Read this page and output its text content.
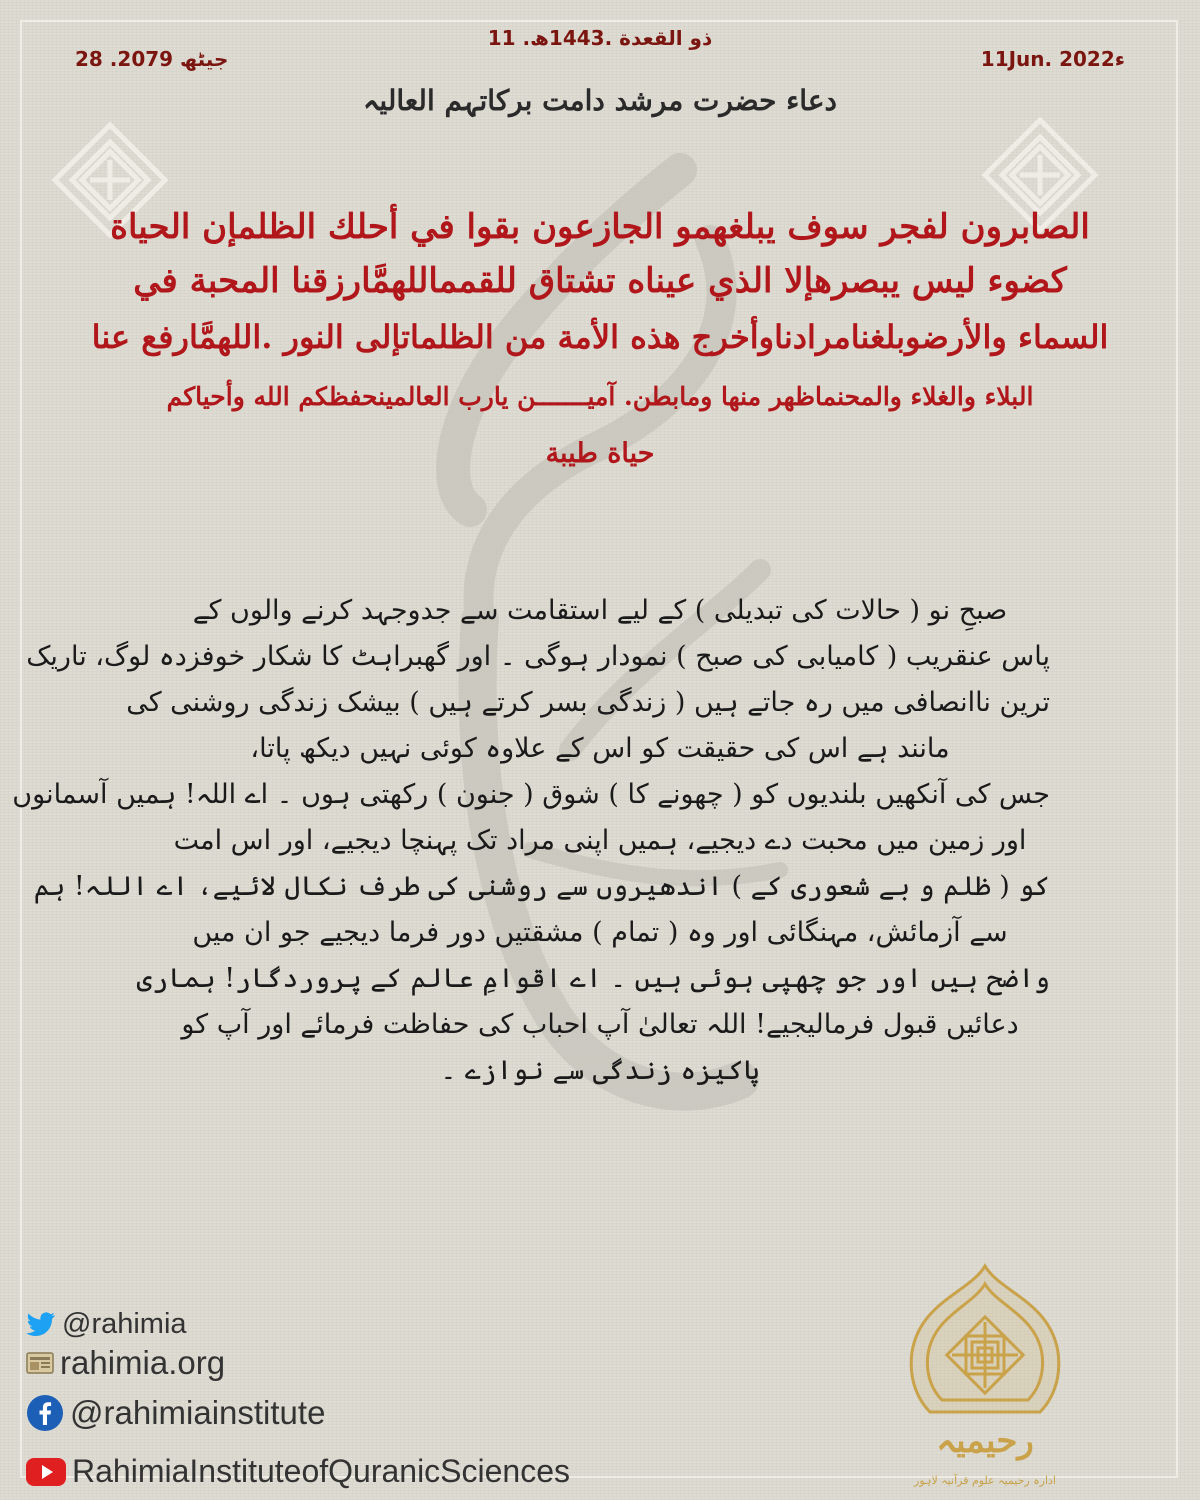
28 .جیٹھ 2079
11 .ذو القعدة .1443ھ
11Jun. 2022ء
دعاء حضرت مرشد دامت برکاتہم العالیہ
الصابرون لفجر سوف يبلغهمو الجازعون بقوا في أحلك الظلمإن الحياة
كضوء ليس يبصرهإلا الذي عيناه تشتاق للقمماللهمَّارزقنا المحبة في
السماء والأرضوبلغنامرادناوأخرج هذه الأمة من الظلماتإلى النور .اللهمَّارفع عنا
البلاء والغلاء والمحنماظهر منها ومابطن. آمیـــــــن یارب العالمینحفظكم الله وأحياكم
حياة طيبة
صبحِ نو ( حالات کی تبدیلی ) کے لیے استقامت سے جدوجہد کرنے والوں کے
پاس عنقریب ( کامیابی کی صبح ) نمودار ہوگی ۔ اور گھبراہٹ کا شکار خوفزدہ لوگ، تاریک
ترین ناانصافی میں رہ جاتے ہیں ( زندگی بسر کرتے ہیں ) بیشک زندگی روشنی کی
مانند ہے اس کی حقیقت کو اس کے علاوہ کوئی نہیں دیکھ پاتا،
جس کی آنکھیں بلندیوں کو ( چھونے کا ) شوق ( جنون ) رکھتی ہوں ۔ اے اللہ! ہمیں آسمانوں
اور زمین میں محبت دے دیجیے، ہمیں اپنی مراد تک پہنچا دیجیے، اور اس امت
کو ( ظلم و بے شعوری کے ) اندھیروں سے روشنی کی طرف نکال لائیے، اے اللہ! ہم
سے آزمائش، مہنگائی اور وہ ( تمام ) مشقتیں دور فرما دیجیے جو ان میں
واضح ہیں اور جو چھپی ہوئی ہیں ۔ اے اقوامِ عالم کے پروردگار! ہماری
دعائیں قبول فرمالیجیے! اللہ تعالیٰ آپ احباب کی حفاظت فرمائے اور آپ کو
پاکیزہ زندگی سے نوازے ۔
@rahimia
rahimia.org
@rahimiainstitute
RahimiaInstituteofQuranicSciences
رحیمیہ
ادارہ رحیمیہ علوم قرآنیہ لاہور
